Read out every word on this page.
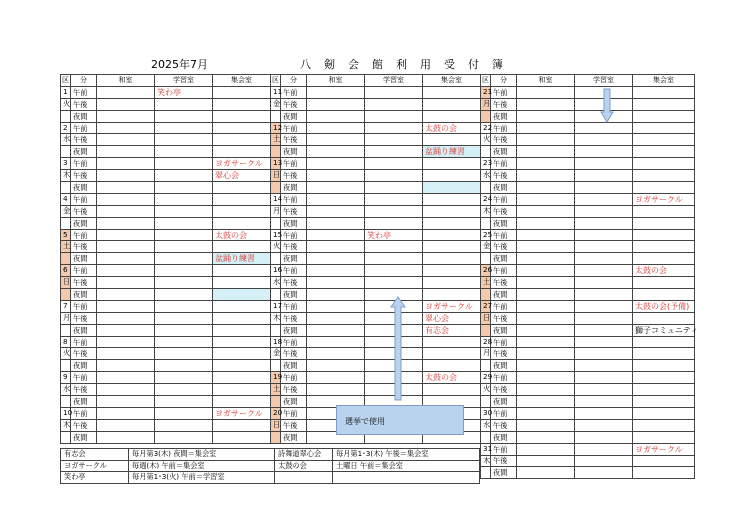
2025年7月	八剱会館利用受付簿
区	分	和室	学習室	集会室
1	午前		笑わ亭	
火	午後			
	夜間			
2	午前			
水	午後			
	夜間			
3	午前			ヨガサークル
木	午後			翠心会
	夜間			
4	午前			
金	午後			
	夜間			
5	午前			太鼓の会
土	午後			
	夜間			盆踊り練習
6	午前			
日	午後			
	夜間			
7	午前			
月	午後			
	夜間			
8	午前			
火	午後			
	夜間			
9	午前			
水	午後			
	夜間			
10	午前			ヨガサークル
木	午後			
	夜間			
区	分	和室	学習室	集会室
11	午前			
金	午後			
	夜間			
12	午前			太鼓の会
土	午後			
	夜間			盆踊り練習
13	午前			
日	午後			
	夜間			
14	午前			
月	午後			
	夜間			
15	午前		笑わ亭	
火	午後			
	夜間			
16	午前			
水	午後			
	夜間			
17	午前			ヨガサークル
木	午後			翠心会
	夜間			有志会
18	午前			
金	午後			
	夜間			
19	午前			太鼓の会
土	午後			
	夜間			
20	午前			
日	午後			
	夜間			
区	分	和室	学習室	集会室
21	午前			
月	午後			
	夜間			
22	午前			
火	午後			
	夜間			
23	午前			
水	午後			
	夜間			
24	午前			ヨガサークル
木	午後			
	夜間			
25	午前			
金	午後			
	夜間			
26	午前			太鼓の会
土	午後			
	夜間			
27	午前			太鼓の会(予備)
日	午後			
	夜間			獅子コミュニティ
28	午前			
月	午後			
	夜間			
29	午前			
火	午後			
	夜間			
30	午前			
水	午後			
	夜間			
31	午前			ヨガサークル
木	午後			
	夜間			
有志会	毎月第3(木) 夜間＝集会室	詩舞道翠心会	毎月第1･3(木) 午後＝集会室
ヨガサークル	毎週(木) 午前＝集会室	太鼓の会	土曜日 午前＝集会室
笑わ亭	毎月第1･3(火) 午前＝学習室		
選挙で使用
